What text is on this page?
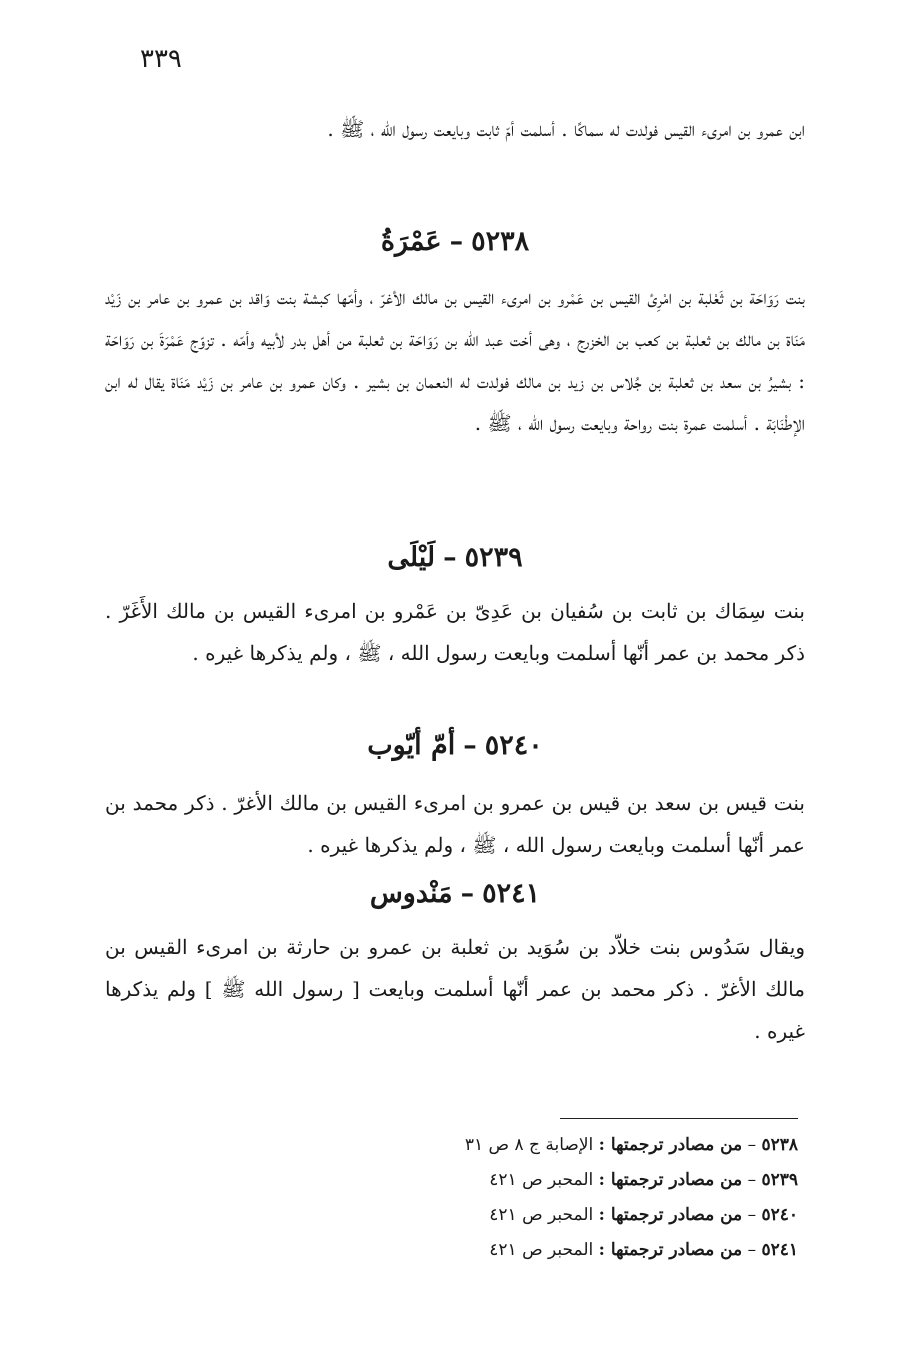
٣٣٩

ابن عمرو بن امرىء القيس فولدت له سماكًا . أسلمت أمّ ثابت وبايعت رسول الله ، ﷺ .

٥٢٣٨–عَمْرَةُ

بنت رَوَاحَة بن ثَعْلبة بن امْرِئ القيس بن عَمْرو بن امرىء القيس بن مالك الأغرّ ، وأمّها كبشة بنت وَاقد بن عمرو بن عامر بن زَيْد مَنَاة بن مالك بن ثعلبة بن كعب بن الخزرج ، وهى أخت عبد الله بن رَوَاحَة بن ثعلبة من أهل بدر لأبيه وأمّه . تزوّج عَمْرَةَ بن رَوَاحَة : بشيرُ بن سعد بن ثعلبة بن جُلاس بن زيد بن مالك فولدت له النعمان بن بشير . وكان عمرو بن عامر بن زَيْد مَنَاة يقال له ابن الإطْنَابَة . أسلمت عمرة بنت رواحة وبايعت رسول الله ، ﷺ .

٥٢٣٩–لَيْلَى

بنت سِمَاك بن ثابت بن سُفيان بن عَدِىّ بن عَمْرو بن امرىء القيس بن مالك الأَغَرّ . ذكر محمد بن عمر أنّها أسلمت وبايعت رسول الله ، ﷺ ، ولم يذكرها غيره .

٥٢٤٠–أمّ أيّوب

بنت قيس بن سعد بن قيس بن عمرو بن امرىء القيس بن مالك الأغرّ . ذكر محمد بن عمر أنّها أسلمت وبايعت رسول الله ، ﷺ ، ولم يذكرها غيره .

٥٢٤١–مَنْدوس

ويقال سَدُوس بنت خلاّد بن سُوَيد بن ثعلبة بن عمرو بن حارثة بن امرىء القيس بن مالك الأغرّ . ذكر محمد بن عمر أنّها أسلمت وبايعت [ رسول الله ﷺ ] ولم يذكرها غيره .

٥٢٣٨ – من مصادر ترجمتها : الإصابة ج ٨ ص ٣١
٥٢٣٩ – من مصادر ترجمتها : المحبر ص ٤٢١
٥٢٤٠ – من مصادر ترجمتها : المحبر ص ٤٢١
٥٢٤١ – من مصادر ترجمتها : المحبر ص ٤٢١
